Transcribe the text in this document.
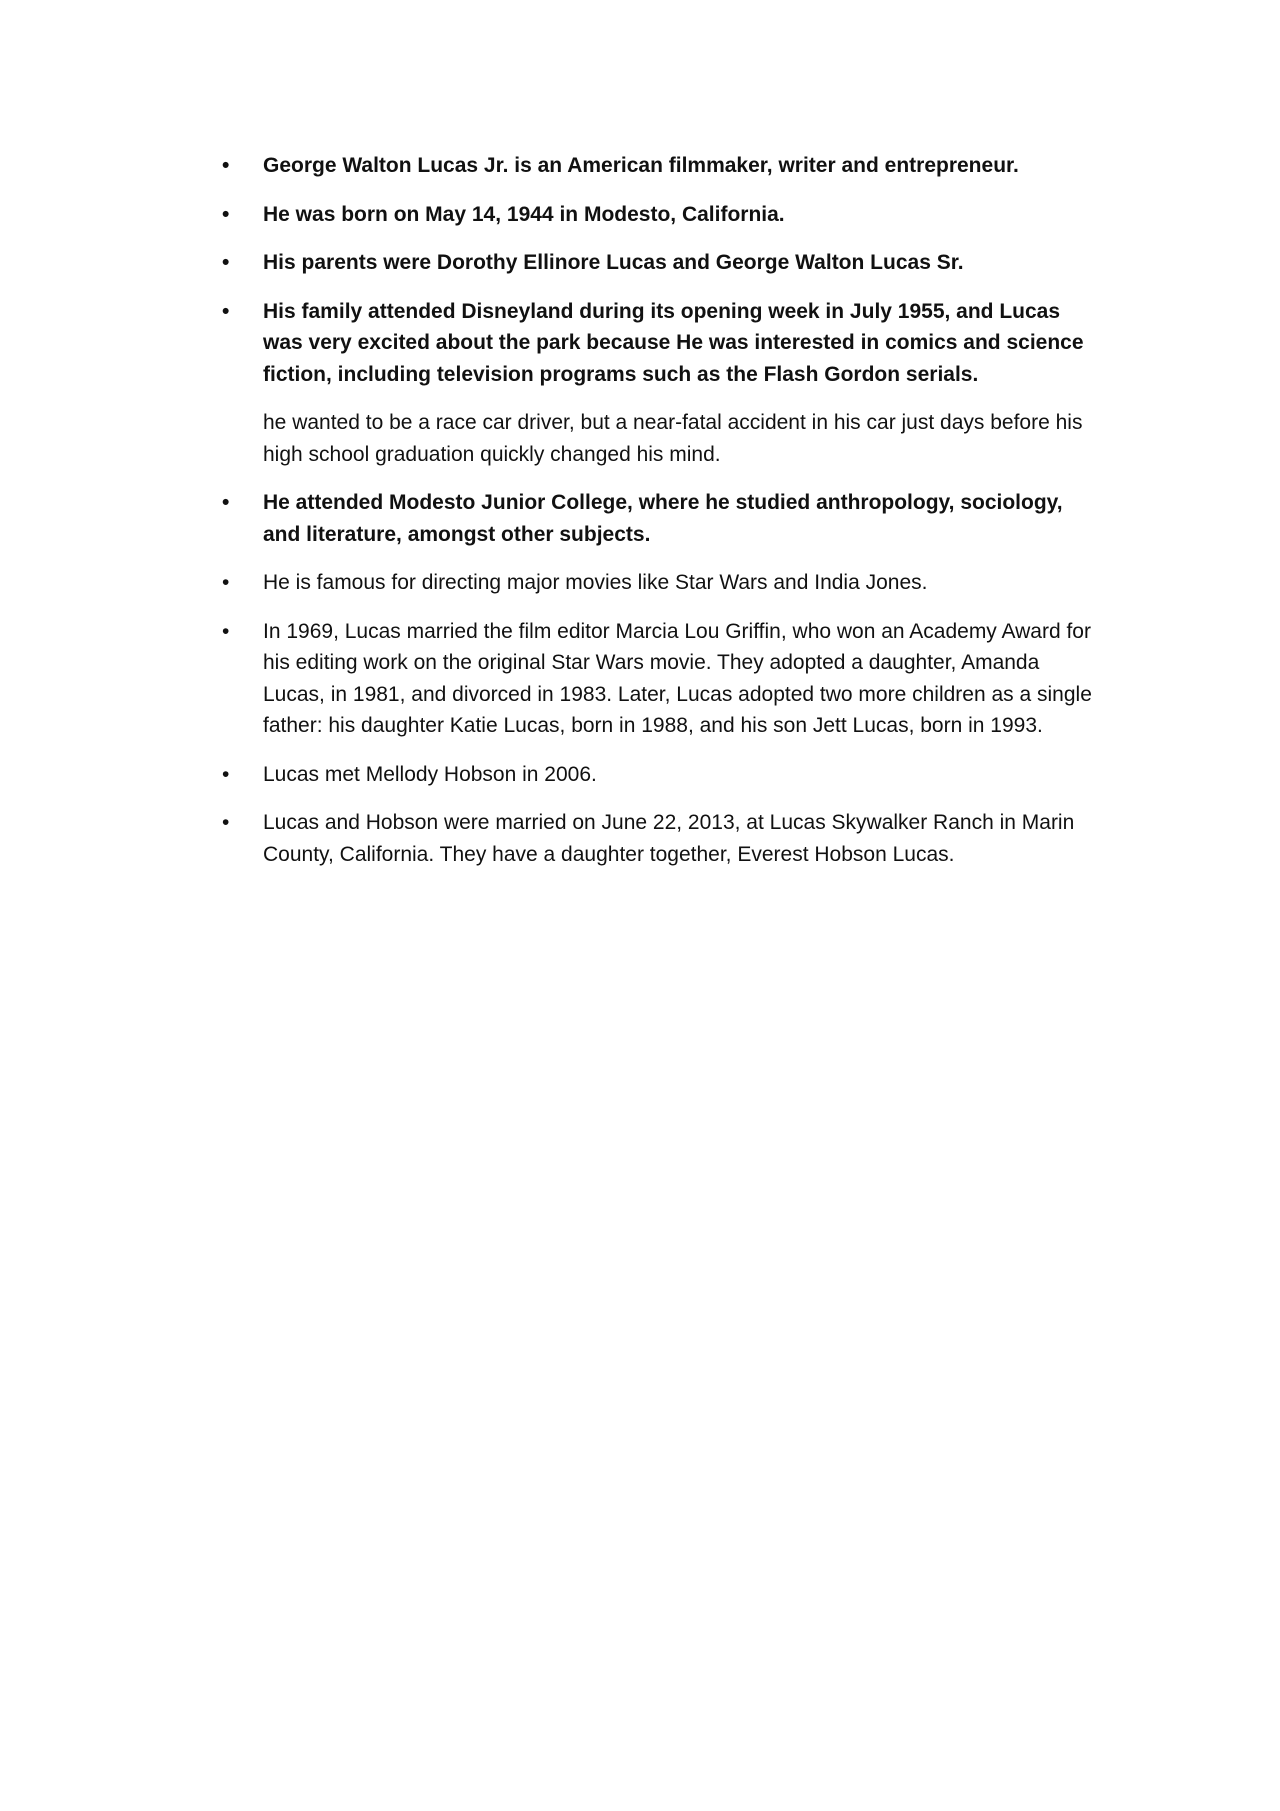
•	George Walton Lucas Jr. is an American filmmaker, writer and entrepreneur.
•	He was born on May 14, 1944 in Modesto, California.
•	His parents were Dorothy Ellinore Lucas and George Walton Lucas Sr.
•	His family attended Disneyland during its opening week in July 1955, and Lucas was very excited about the park because He was interested in comics and science fiction, including television programs such as the Flash Gordon serials.
he wanted to be a race car driver, but a near-fatal accident in his car just days before his high school graduation quickly changed his mind.
•	He attended Modesto Junior College, where he studied anthropology, sociology, and literature, amongst other subjects.
•	He is famous for directing major movies like Star Wars and India Jones.
•	In 1969, Lucas married the film editor Marcia Lou Griffin, who won an Academy Award for his editing work on the original Star Wars movie. They adopted a daughter, Amanda Lucas, in 1981, and divorced in 1983. Later, Lucas adopted two more children as a single father: his daughter Katie Lucas, born in 1988, and his son Jett Lucas, born in 1993.
•	Lucas met Mellody Hobson in 2006.
•	Lucas and Hobson were married on June 22, 2013, at Lucas Skywalker Ranch in Marin County, California. They have a daughter together, Everest Hobson Lucas.
